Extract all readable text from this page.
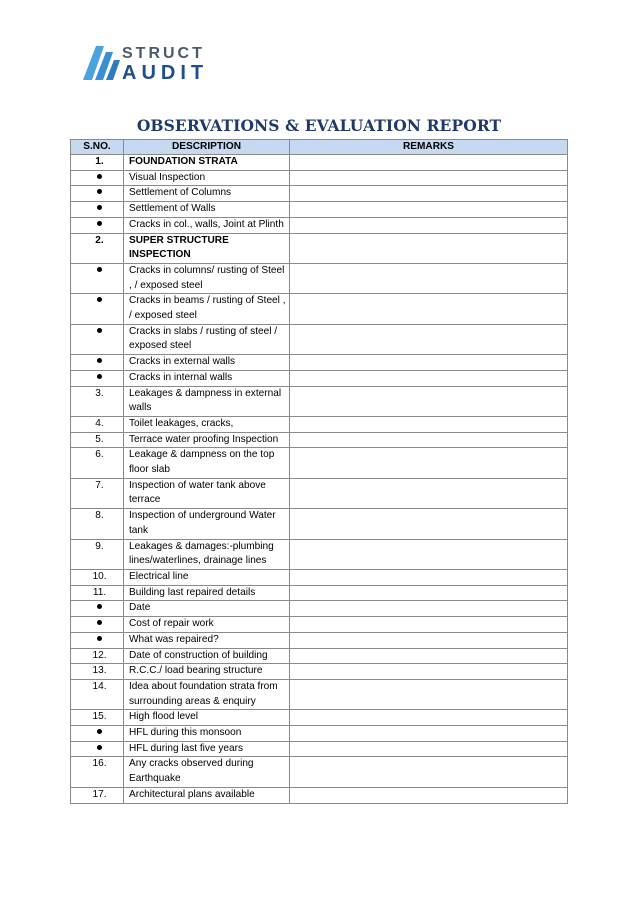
STRUCT
AUDIT
OBSERVATIONS & EVALUATION REPORT
S.NO.	DESCRIPTION	REMARKS
1.	FOUNDATION STRATA	
	Visual Inspection	
	Settlement of Columns	
	Settlement of Walls	
	Cracks in col., walls, Joint at Plinth	
2.	SUPER STRUCTURE INSPECTION	
	Cracks in columns/ rusting of Steel , / exposed steel	
	Cracks in beams / rusting of Steel , / exposed steel	
	Cracks in slabs / rusting of steel / exposed steel	
	Cracks in external walls	
	Cracks in internal walls	
3.	Leakages & dampness in external walls	
4.	Toilet leakages, cracks,	
5.	Terrace water proofing Inspection	
6.	Leakage & dampness on the top floor slab	
7.	Inspection of water tank above terrace	
8.	Inspection of underground Water tank	
9.	Leakages & damages:-plumbing lines/waterlines, drainage lines	
10.	Electrical line	
11.	Building last repaired details	
	Date	
	Cost of repair work	
	What was repaired?	
12.	Date of construction of building	
13.	R.C.C./ load bearing structure	
14.	Idea about foundation strata from surrounding areas & enquiry	
15.	High flood level	
	HFL during this monsoon	
	HFL during last five years	
16.	Any cracks observed during Earthquake	
17.	Architectural plans available	
